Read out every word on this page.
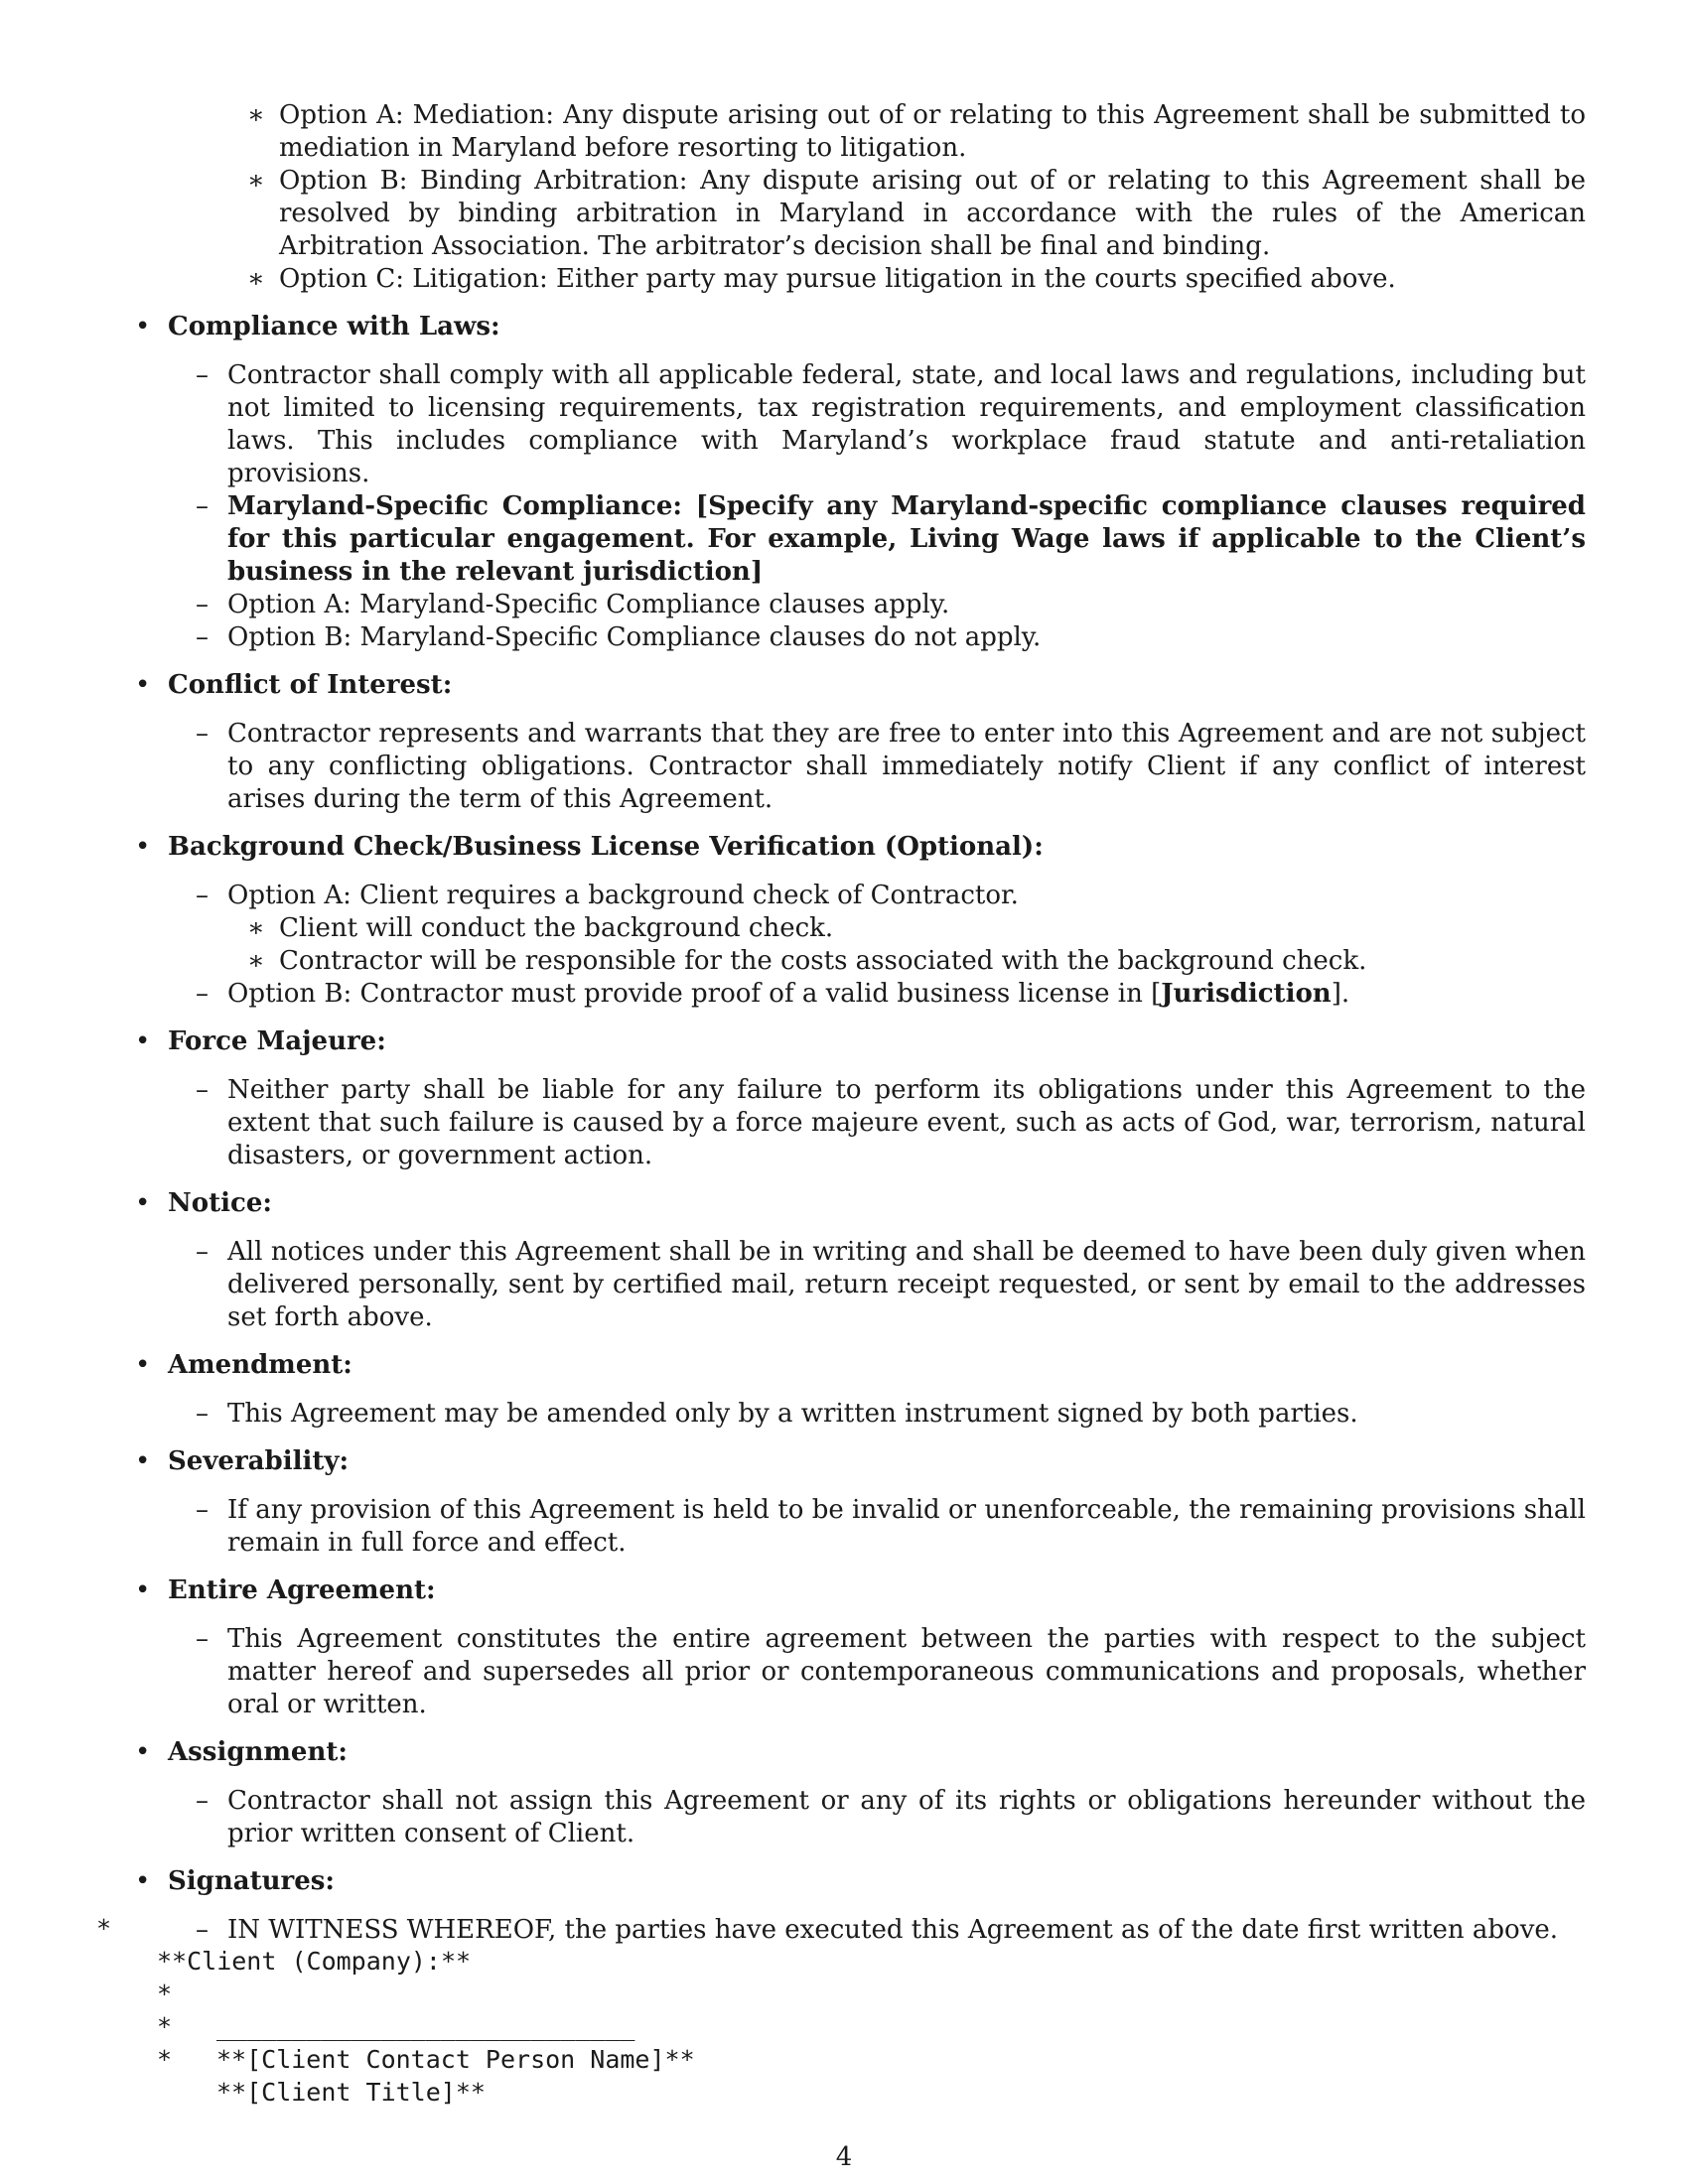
∗ Option A: Mediation: Any dispute arising out of or relating to this Agreement shall be submitted to mediation in Maryland before resorting to litigation.
∗ Option B: Binding Arbitration: Any dispute arising out of or relating to this Agreement shall be resolved by binding arbitration in Maryland in accordance with the rules of the American Arbitration Association. The arbitrator’s decision shall be final and binding.
∗ Option C: Litigation: Either party may pursue litigation in the courts specified above.
• Compliance with Laws:
– Contractor shall comply with all applicable federal, state, and local laws and regulations, including but not limited to licensing requirements, tax registration requirements, and employment classification laws. This includes compliance with Maryland’s workplace fraud statute and anti-retaliation provisions.
– Maryland-Specific Compliance: [Specify any Maryland-specific compliance clauses required for this particular engagement. For example, Living Wage laws if applicable to the Client’s business in the relevant jurisdiction]
– Option A: Maryland-Specific Compliance clauses apply.
– Option B: Maryland-Specific Compliance clauses do not apply.
• Conflict of Interest:
– Contractor represents and warrants that they are free to enter into this Agreement and are not subject to any conflicting obligations. Contractor shall immediately notify Client if any conflict of interest arises during the term of this Agreement.
• Background Check/Business License Verification (Optional):
– Option A: Client requires a background check of Contractor.
∗ Client will conduct the background check.
∗ Contractor will be responsible for the costs associated with the background check.
– Option B: Contractor must provide proof of a valid business license in [Jurisdiction].
• Force Majeure:
– Neither party shall be liable for any failure to perform its obligations under this Agreement to the extent that such failure is caused by a force majeure event, such as acts of God, war, terrorism, natural disasters, or government action.
• Notice:
– All notices under this Agreement shall be in writing and shall be deemed to have been duly given when delivered personally, sent by certified mail, return receipt requested, or sent by email to the addresses set forth above.
• Amendment:
– This Agreement may be amended only by a written instrument signed by both parties.
• Severability:
– If any provision of this Agreement is held to be invalid or unenforceable, the remaining provisions shall remain in full force and effect.
• Entire Agreement:
– This Agreement constitutes the entire agreement between the parties with respect to the subject matter hereof and supersedes all prior or contemporaneous communications and proposals, whether oral or written.
• Assignment:
– Contractor shall not assign this Agreement or any of its rights or obligations hereunder without the prior written consent of Client.
• Signatures:
– IN WITNESS WHEREOF, the parties have executed this Agreement as of the date first written above.

*

**Client (Company):**

*

____________________________

*

**[Client Contact Person Name]**

*

**[Client Title]**

4
